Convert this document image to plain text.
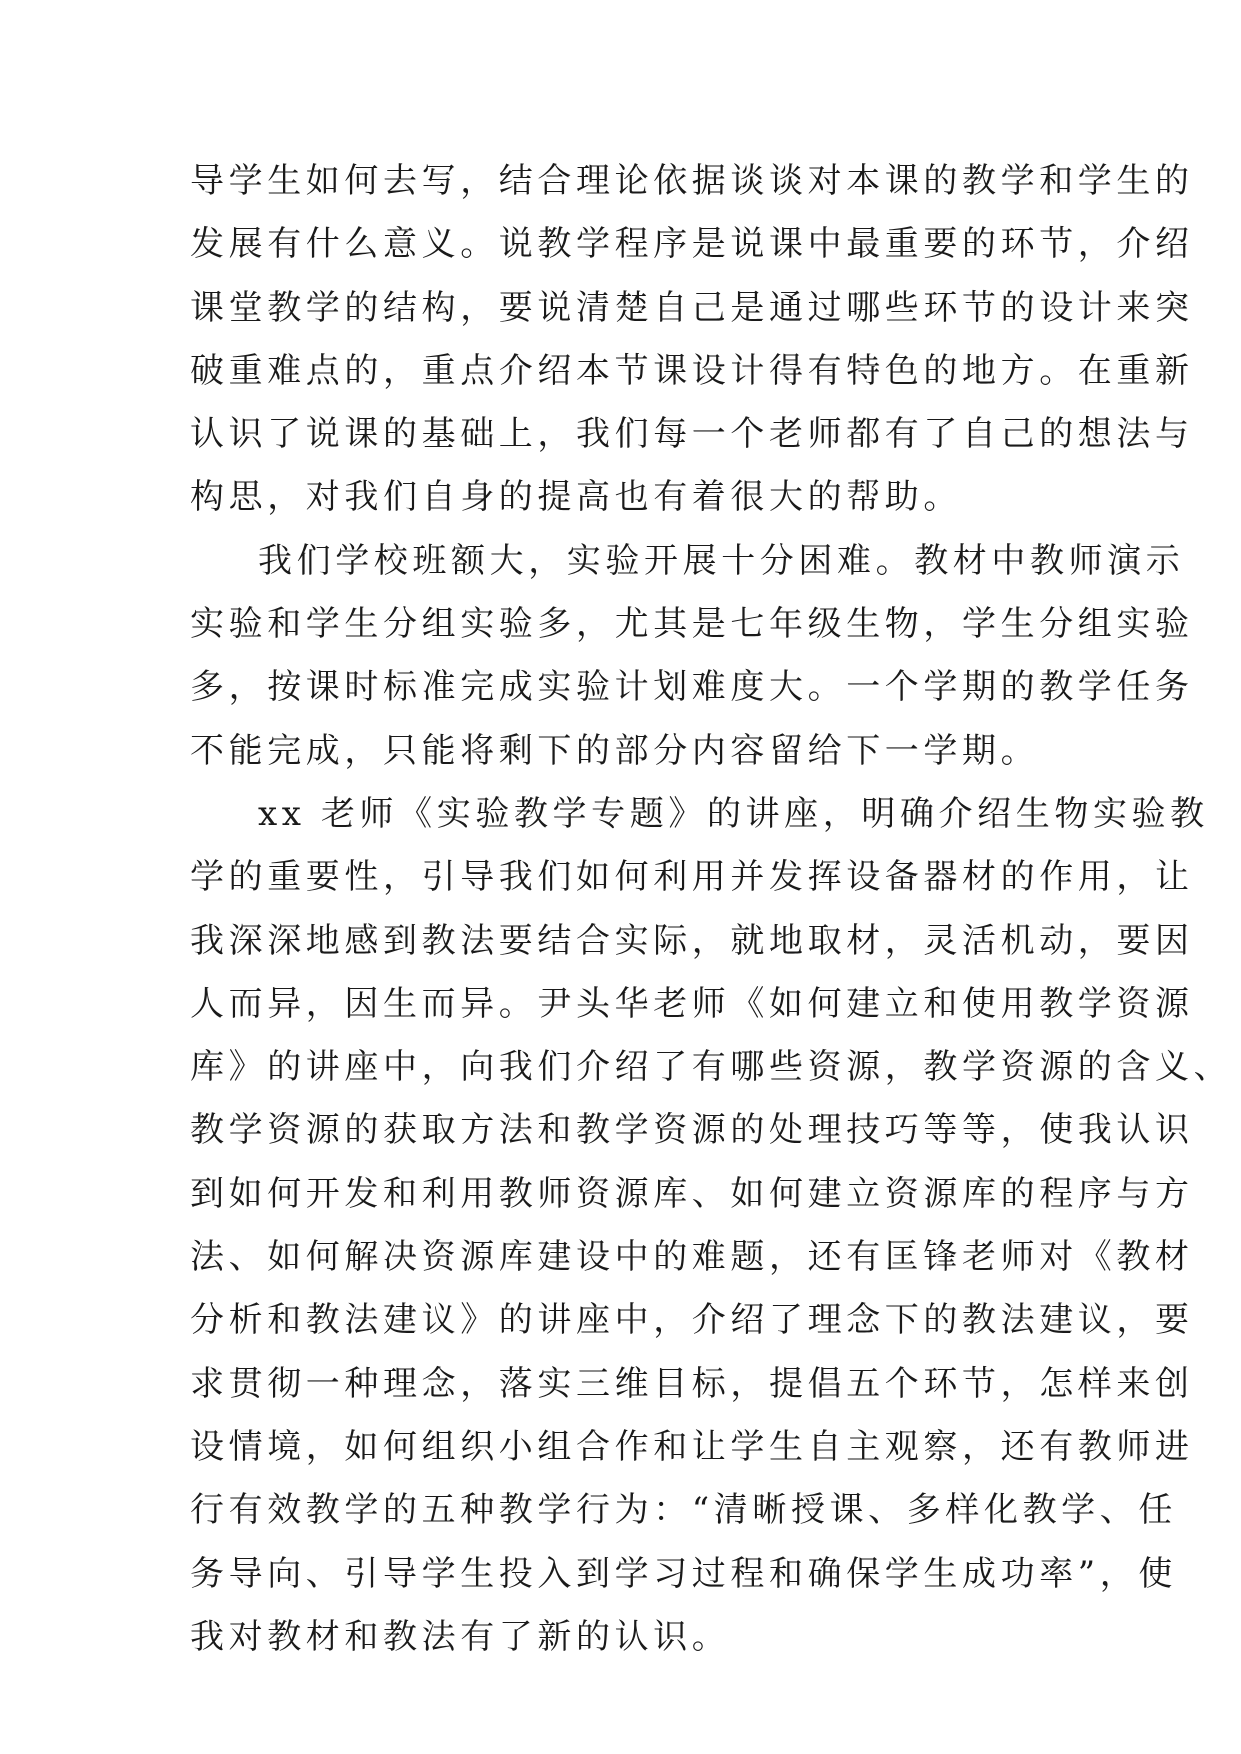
导学生如何去写，结合理论依据谈谈对本课的教学和学生的
发展有什么意义。说教学程序是说课中最重要的环节，介绍
课堂教学的结构，要说清楚自己是通过哪些环节的设计来突
破重难点的，重点介绍本节课设计得有特色的地方。在重新
认识了说课的基础上，我们每一个老师都有了自己的想法与
构思，对我们自身的提高也有着很大的帮助。
我们学校班额大，实验开展十分困难。教材中教师演示
实验和学生分组实验多，尤其是七年级生物，学生分组实验
多，按课时标准完成实验计划难度大。一个学期的教学任务
不能完成，只能将剩下的部分内容留给下一学期。
xx 老师《实验教学专题》的讲座，明确介绍生物实验教
学的重要性，引导我们如何利用并发挥设备器材的作用，让
我深深地感到教法要结合实际，就地取材，灵活机动，要因
人而异，因生而异。尹头华老师《如何建立和使用教学资源
库》的讲座中，向我们介绍了有哪些资源，教学资源的含义、
教学资源的获取方法和教学资源的处理技巧等等，使我认识
到如何开发和利用教师资源库、如何建立资源库的程序与方
法、如何解决资源库建设中的难题，还有匡锋老师对《教材
分析和教法建议》的讲座中，介绍了理念下的教法建议，要
求贯彻一种理念，落实三维目标，提倡五个环节，怎样来创
设情境，如何组织小组合作和让学生自主观察，还有教师进
行有效教学的五种教学行为：“清晰授课、多样化教学、任
务导向、引导学生投入到学习过程和确保学生成功率”，使
我对教材和教法有了新的认识。
